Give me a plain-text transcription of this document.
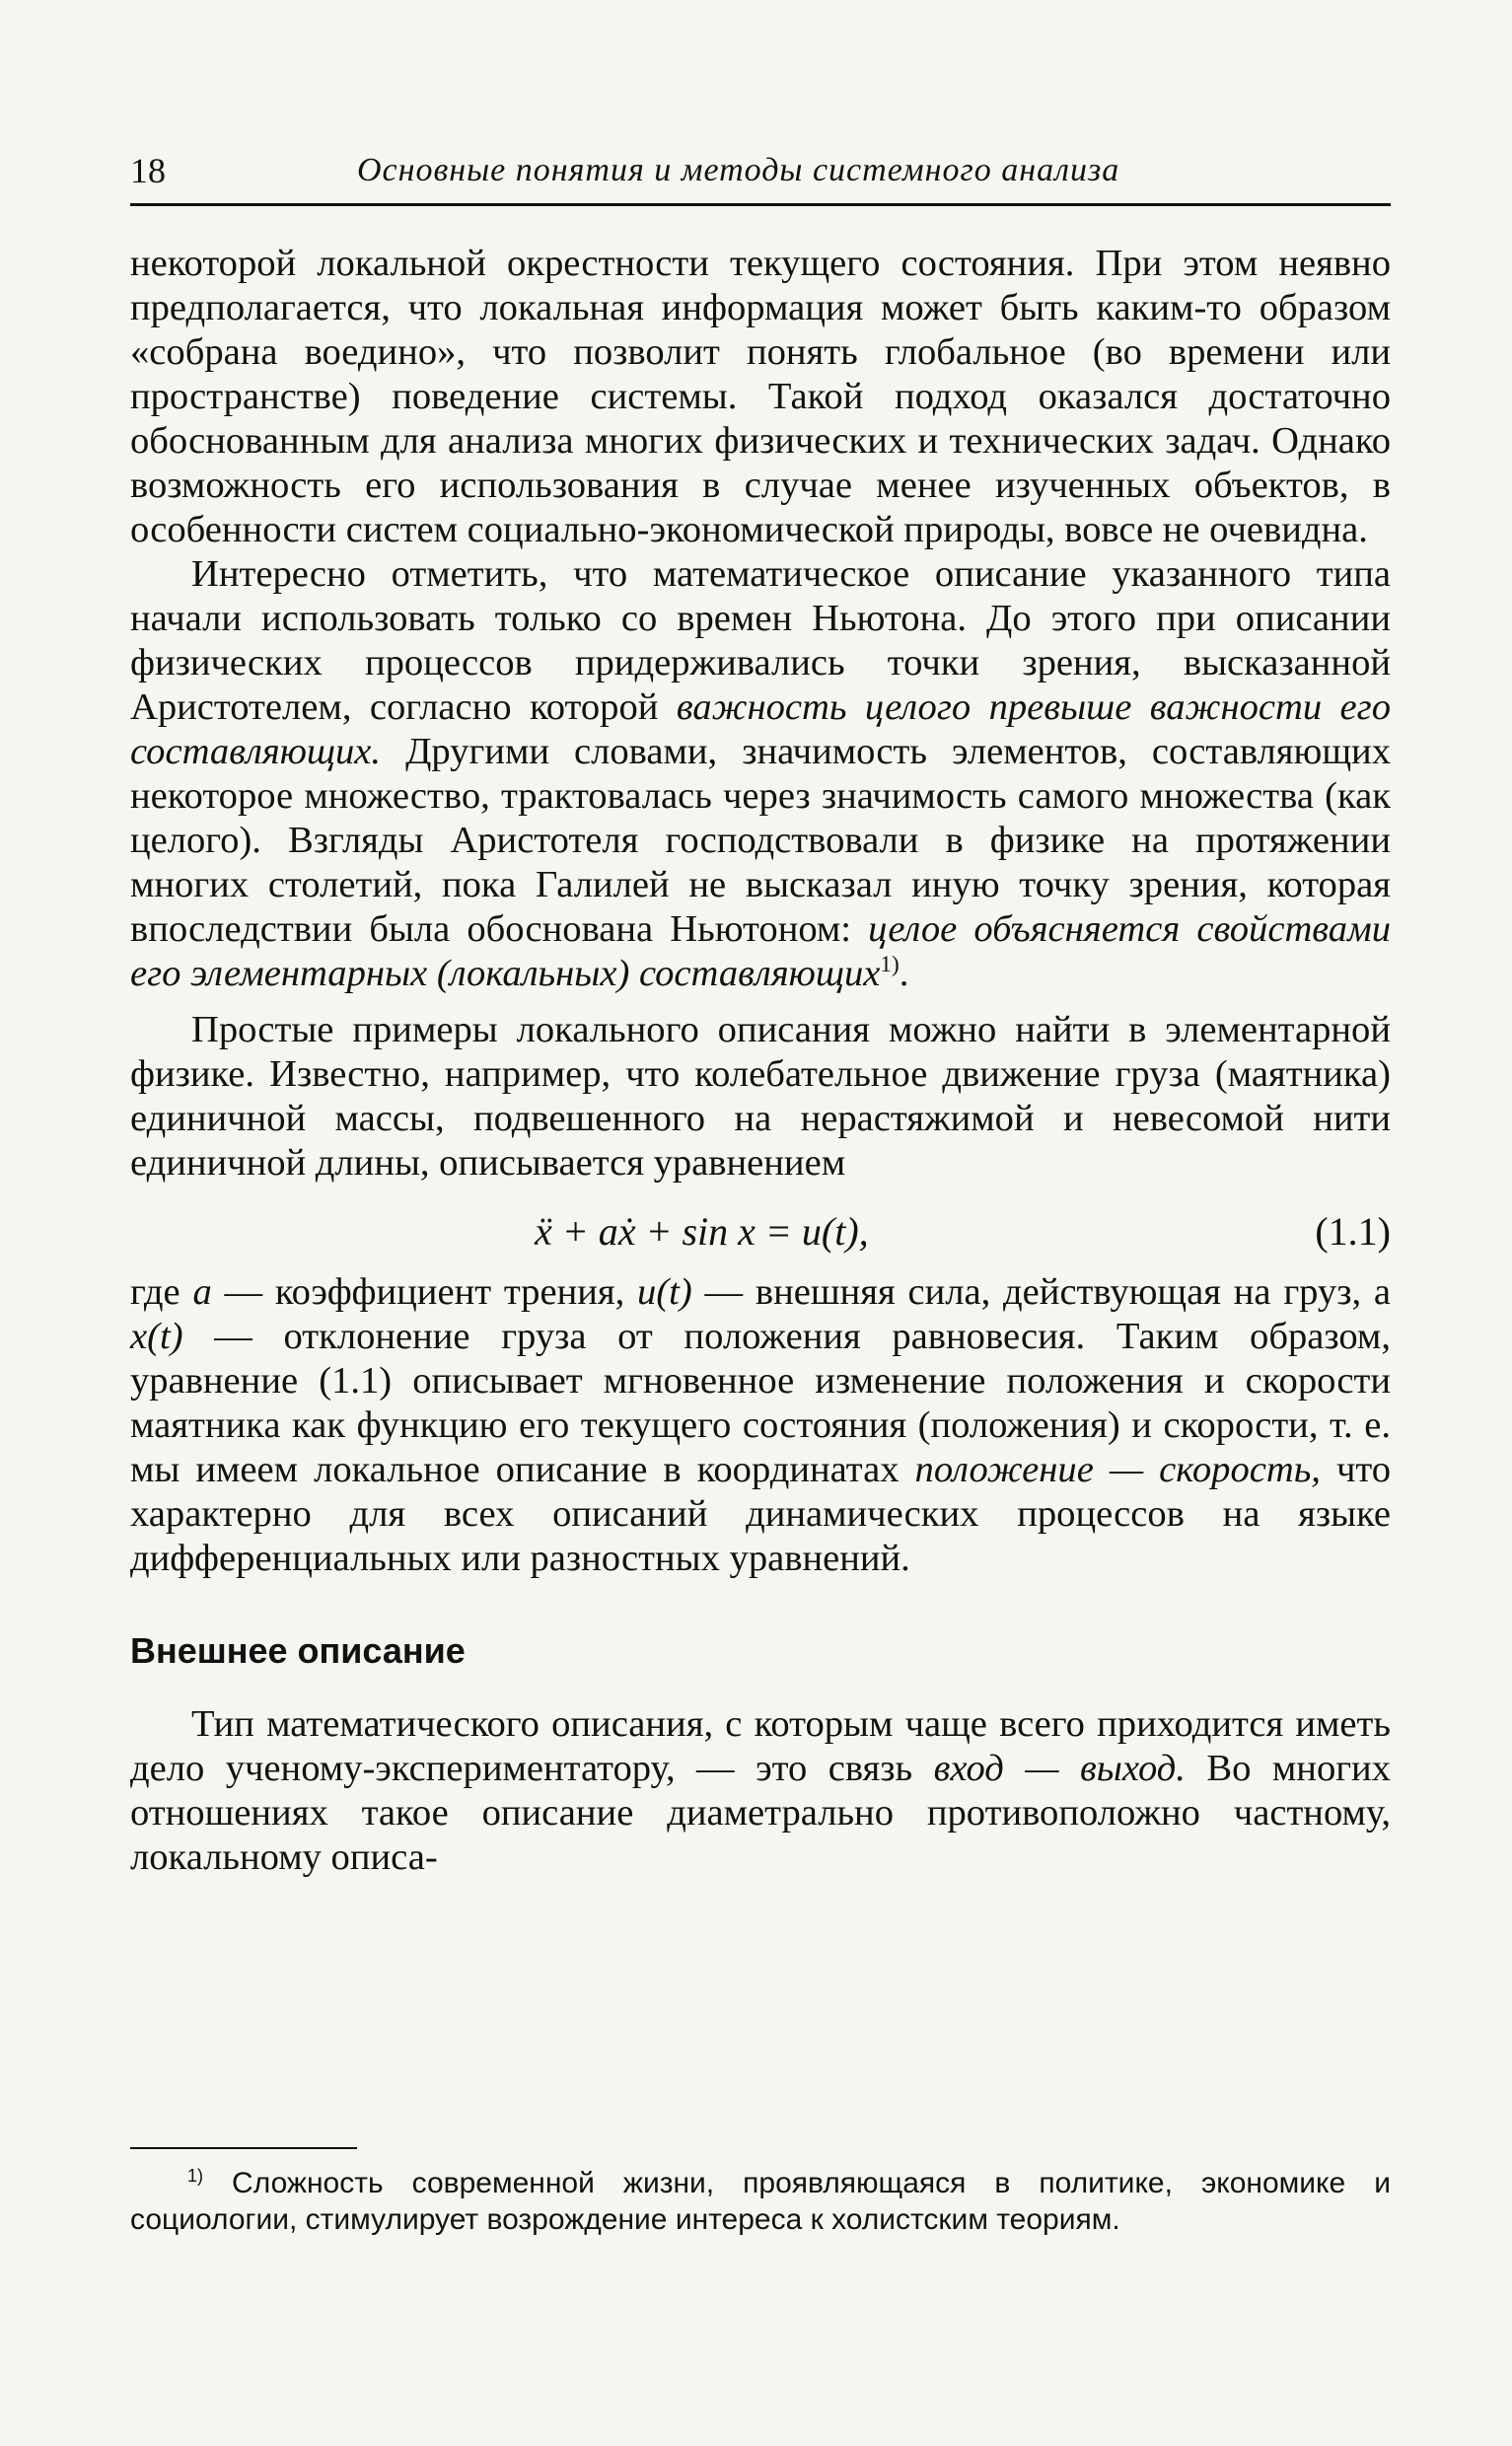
18	Основные понятия и методы системного анализа

некоторой локальной окрестности текущего состояния. При этом неявно предполагается, что локальная информация может быть каким-то образом «собрана воедино», что позволит понять глобальное (во времени или пространстве) поведение системы. Такой подход оказался достаточно обоснованным для анализа многих физических и технических задач. Однако возможность его использования в случае менее изученных объектов, в особенности систем социально-экономической природы, вовсе не очевидна.

Интересно отметить, что математическое описание указанного типа начали использовать только со времен Ньютона. До этого при описании физических процессов придерживались точки зрения, высказанной Аристотелем, согласно которой важность целого превыше важности его составляющих. Другими словами, значимость элементов, составляющих некоторое множество, трактовалась через значимость самого множества (как целого). Взгляды Аристотеля господствовали в физике на протяжении многих столетий, пока Галилей не высказал иную точку зрения, которая впоследствии была обоснована Ньютоном: целое объясняется свойствами его элементарных (локальных) составляющих$^{1)}$.

Простые примеры локального описания можно найти в элементарной физике. Известно, например, что колебательное движение груза (маятника) единичной массы, подвешенного на нерастяжимой и невесомой нити единичной длины, описывается уравнением

ẍ + aẋ + sin x = u(t),	(1.1)

где a — коэффициент трения, u(t) — внешняя сила, действующая на груз, а x(t) — отклонение груза от положения равновесия. Таким образом, уравнение (1.1) описывает мгновенное изменение положения и скорости маятника как функцию его текущего состояния (положения) и скорости, т. е. мы имеем локальное описание в координатах положение — скорость, что характерно для всех описаний динамических процессов на языке дифференциальных или разностных уравнений.

Внешнее описание

Тип математического описания, с которым чаще всего приходится иметь дело ученому-экспериментатору, — это связь вход — выход. Во многих отношениях такое описание диаметрально противоположно частному, локальному описа-

$^{1)}$ Сложность современной жизни, проявляющаяся в политике, экономике и социологии, стимулирует возрождение интереса к холистским теориям.
